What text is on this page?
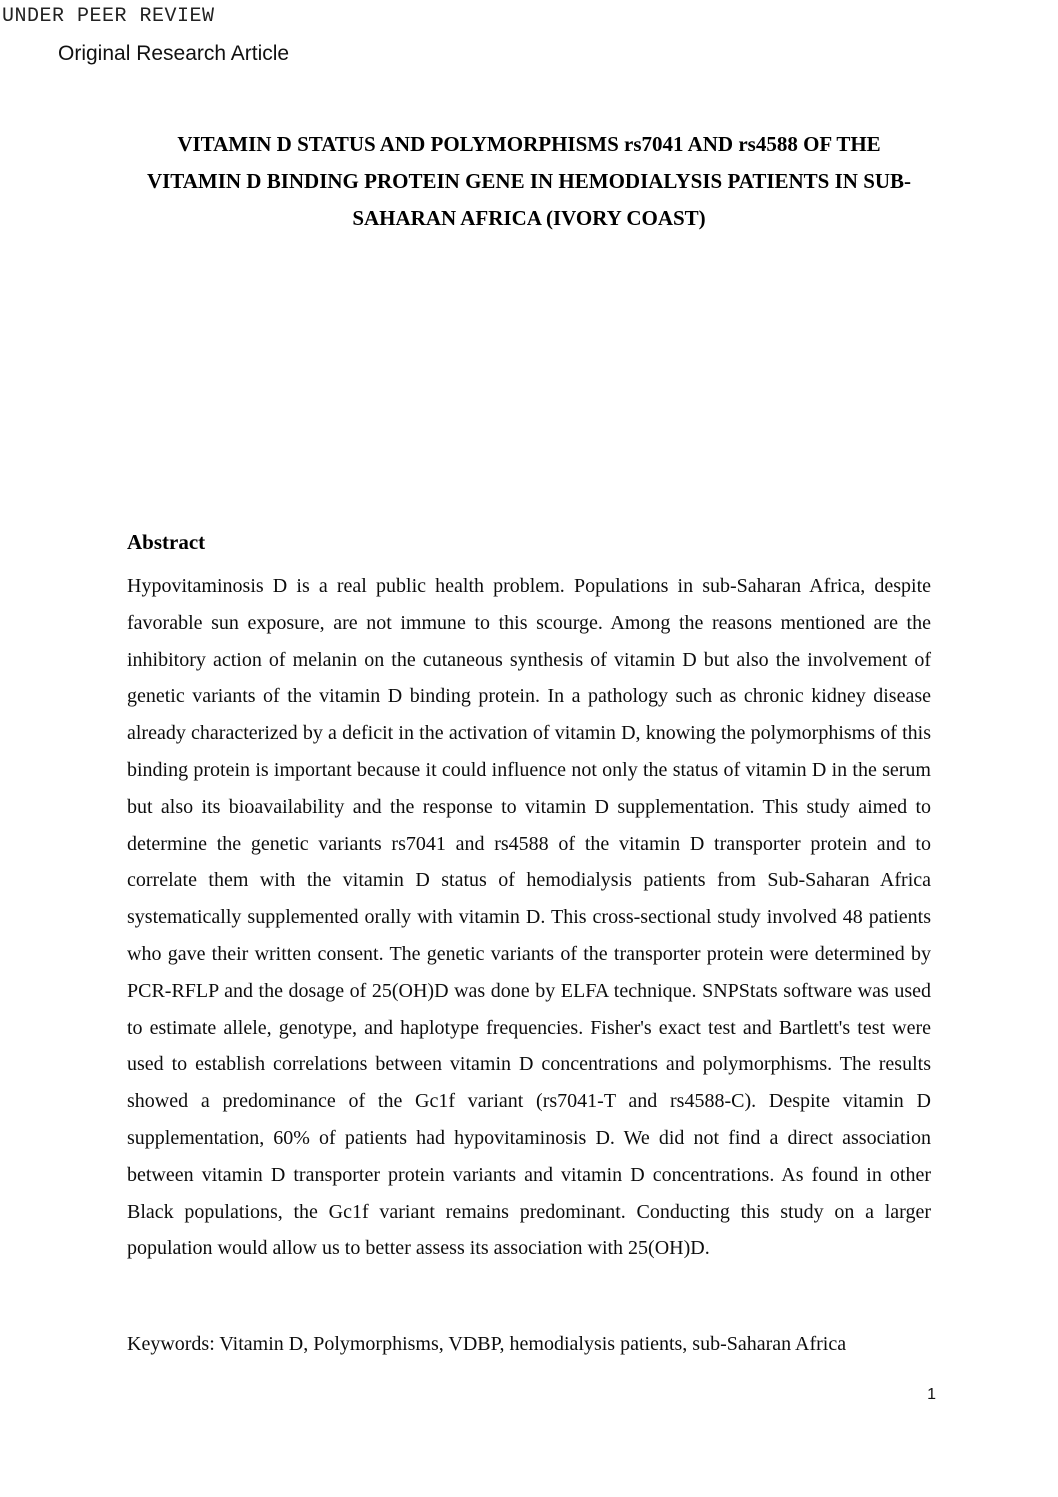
UNDER PEER REVIEW
Original Research Article
VITAMIN D STATUS AND POLYMORPHISMS rs7041 AND rs4588 OF THE
VITAMIN D BINDING PROTEIN GENE IN HEMODIALYSIS PATIENTS IN SUB-
SAHARAN AFRICA (IVORY COAST)
Abstract
Hypovitaminosis D is a real public health problem. Populations in sub-Saharan Africa, despite favorable sun exposure, are not immune to this scourge. Among the reasons mentioned are the inhibitory action of melanin on the cutaneous synthesis of vitamin D but also the involvement of genetic variants of the vitamin D binding protein. In a pathology such as chronic kidney disease already characterized by a deficit in the activation of vitamin D, knowing the polymorphisms of this binding protein is important because it could influence not only the status of vitamin D in the serum but also its bioavailability and the response to vitamin D supplementation. This study aimed to determine the genetic variants rs7041 and rs4588 of the vitamin D transporter protein and to correlate them with the vitamin D status of hemodialysis patients from Sub-Saharan Africa systematically supplemented orally with vitamin D. This cross-sectional study involved 48 patients who gave their written consent. The genetic variants of the transporter protein were determined by PCR-RFLP and the dosage of 25(OH)D was done by ELFA technique. SNPStats software was used to estimate allele, genotype, and haplotype frequencies. Fisher's exact test and Bartlett's test were used to establish correlations between vitamin D concentrations and polymorphisms. The results showed a predominance of the Gc1f variant (rs7041-T and rs4588-C). Despite vitamin D supplementation, 60% of patients had hypovitaminosis D. We did not find a direct association between vitamin D transporter protein variants and vitamin D concentrations. As found in other Black populations, the Gc1f variant remains predominant. Conducting this study on a larger population would allow us to better assess its association with 25(OH)D.
Keywords: Vitamin D, Polymorphisms, VDBP, hemodialysis patients, sub-Saharan Africa
1
